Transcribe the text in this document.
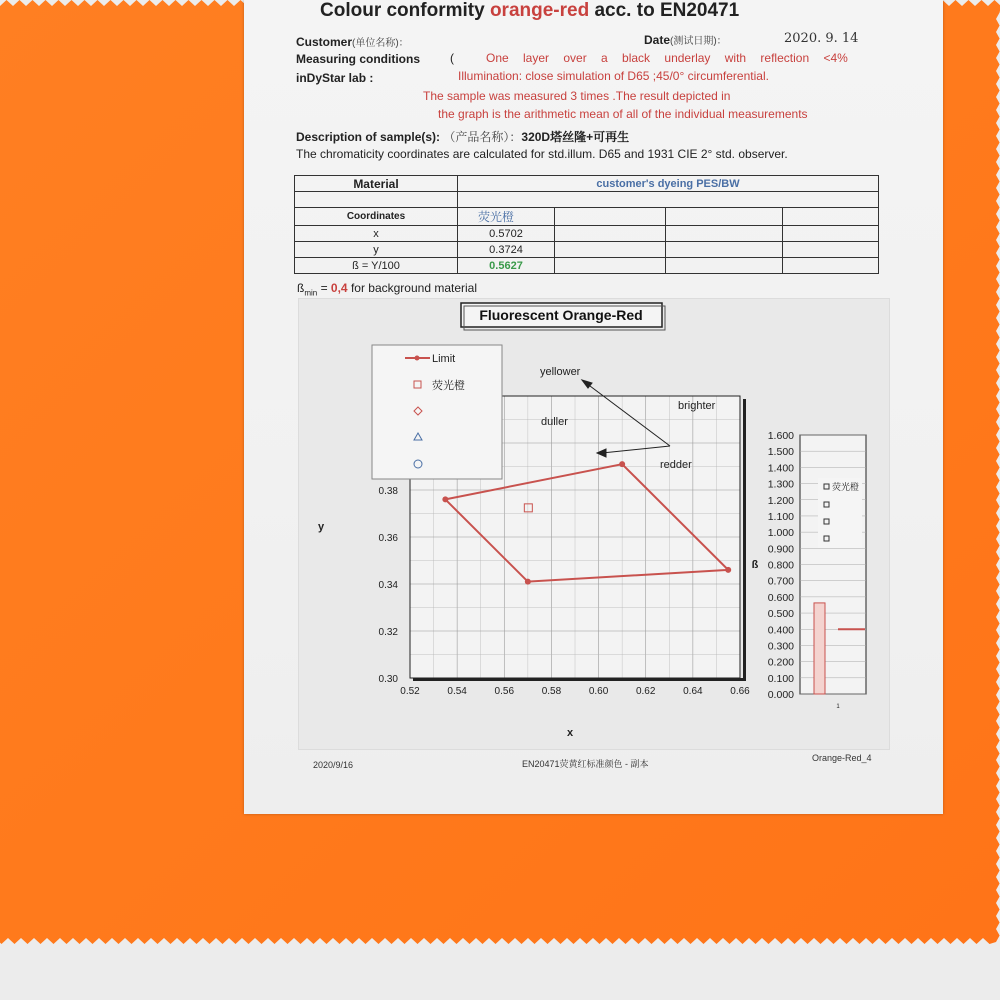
Colour conformity orange-red acc. to EN20471
Customer(单位名称)：	Date(测试日期)：	2020. 9. 14
Measuring conditions (	One layer over a black underlay with reflection <4%
Illumination: close simulation of D65 ;45/0° circumferential.
inDyStar lab :
The sample was measured 3 times .The result depicted in
the graph is the arithmetic mean of all of the individual measurements
Description of sample(s): （产品名称）：320D塔丝隆+可再生
The chromaticity coordinates are calculated for std.illum. D65 and 1931 CIE 2° std. observer.
Material	customer's dyeing PES/BW			

Coordinates	荧光橙			
x	0.5702			
y	0.3724			
ß = Y/100	0.5627			
$ß_{min} = 0,4$ for background material
Fluorescent Orange-Red
0.52	0.54	0.56	0.58	0.60	0.62	0.64	0.66
0.30
0.32
0.34
0.36
0.38
x
y
yellower
duller
brighter
redder
Limit
荧光橙
0.000
0.100
0.200
0.300
0.400
0.500
0.600
0.700
0.800
0.900
1.000
1.100
1.200
1.300
1.400
1.500
1.600
ß
1
荧光橙
2020/9/16	EN20471荧黄红标准颜色 - 副本
Orange-Red_4
